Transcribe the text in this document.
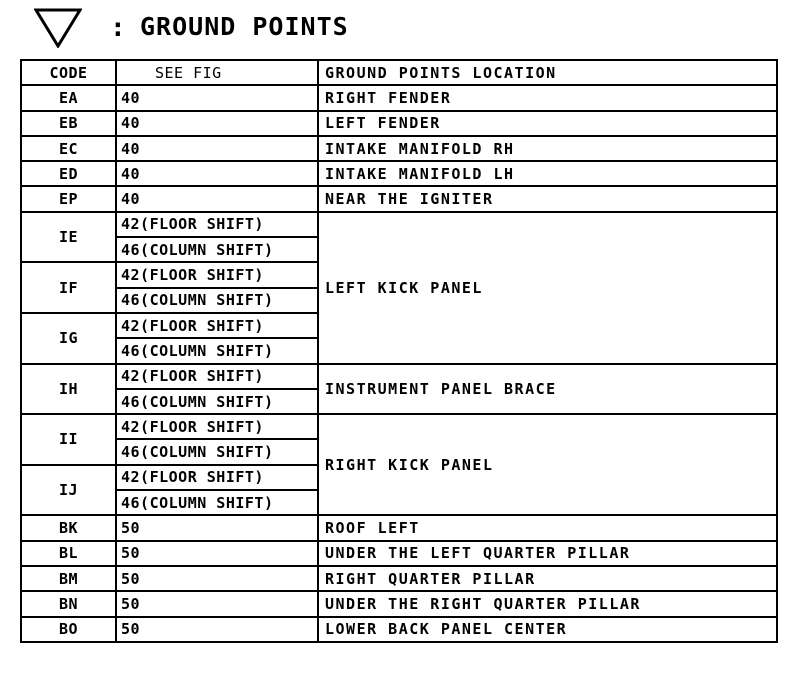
: GROUND POINTS
CODE	SEE FIG	GROUND POINTS LOCATION
EA	40	RIGHT FENDER
EB	40	LEFT FENDER
EC	40	INTAKE MANIFOLD RH
ED	40	INTAKE MANIFOLD LH
EP	40	NEAR THE IGNITER
IE	42(FLOOR SHIFT)	LEFT KICK PANEL
	46(COLUMN SHIFT)	
IF	42(FLOOR SHIFT)	
	46(COLUMN SHIFT)	
IG	42(FLOOR SHIFT)	
	46(COLUMN SHIFT)	
IH	42(FLOOR SHIFT)	INSTRUMENT PANEL BRACE
	46(COLUMN SHIFT)	
II	42(FLOOR SHIFT)	RIGHT KICK PANEL
	46(COLUMN SHIFT)	
IJ	42(FLOOR SHIFT)	
	46(COLUMN SHIFT)	
BK	50	ROOF LEFT
BL	50	UNDER THE LEFT QUARTER PILLAR
BM	50	RIGHT QUARTER PILLAR
BN	50	UNDER THE RIGHT QUARTER PILLAR
BO	50	LOWER BACK PANEL CENTER
